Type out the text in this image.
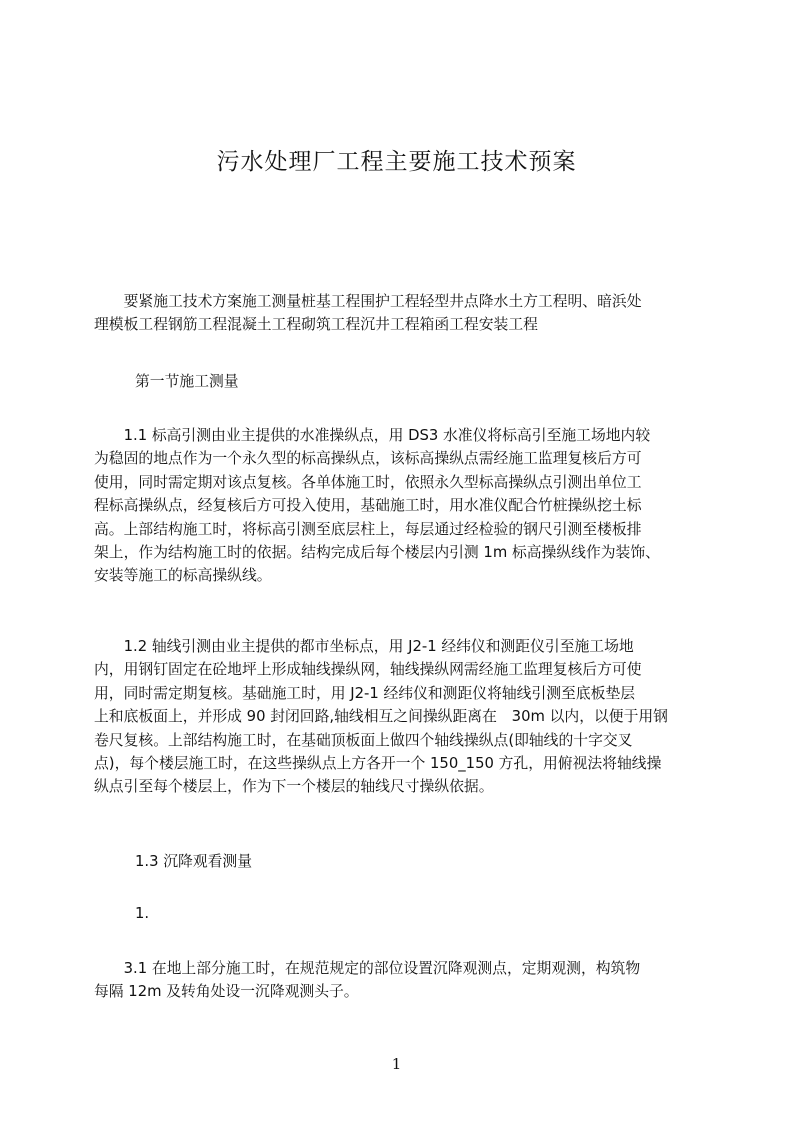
污水处理厂工程主要施工技术预案
　　要紧施工技术方案施工测量桩基工程围护工程轻型井点降水土方工程明、暗浜处
理模板工程钢筋工程混凝土工程砌筑工程沉井工程箱函工程安装工程
第一节施工测量
　　1.1 标高引测由业主提供的水准操纵点，用 DS3 水准仪将标高引至施工场地内较
为稳固的地点作为一个永久型的标高操纵点，该标高操纵点需经施工监理复核后方可
使用，同时需定期对该点复核。各单体施工时，依照永久型标高操纵点引测出单位工
程标高操纵点，经复核后方可投入使用，基础施工时，用水准仪配合竹桩操纵挖土标
高。上部结构施工时，将标高引测至底层柱上，每层通过经检验的钢尺引测至楼板排
架上，作为结构施工时的依据。结构完成后每个楼层内引测 1m 标高操纵线作为装饰、
安装等施工的标高操纵线。
　　1.2 轴线引测由业主提供的都市坐标点，用 J2-1 经纬仪和测距仪引至施工场地
内，用钢钉固定在砼地坪上形成轴线操纵网，轴线操纵网需经施工监理复核后方可使
用，同时需定期复核。基础施工时，用 J2-1 经纬仪和测距仪将轴线引测至底板垫层
上和底板面上，并形成 90 封闭回路,轴线相互之间操纵距离在　30m 以内，以便于用钢
卷尺复核。上部结构施工时，在基础顶板面上做四个轴线操纵点(即轴线的十字交叉
点)，每个楼层施工时，在这些操纵点上方各开一个 150_150 方孔，用俯视法将轴线操
纵点引至每个楼层上，作为下一个楼层的轴线尺寸操纵依据。
1.3 沉降观看测量
1.
　　3.1 在地上部分施工时，在规范规定的部位设置沉降观测点，定期观测，构筑物
每隔 12m 及转角处设一沉降观测头子。
1
